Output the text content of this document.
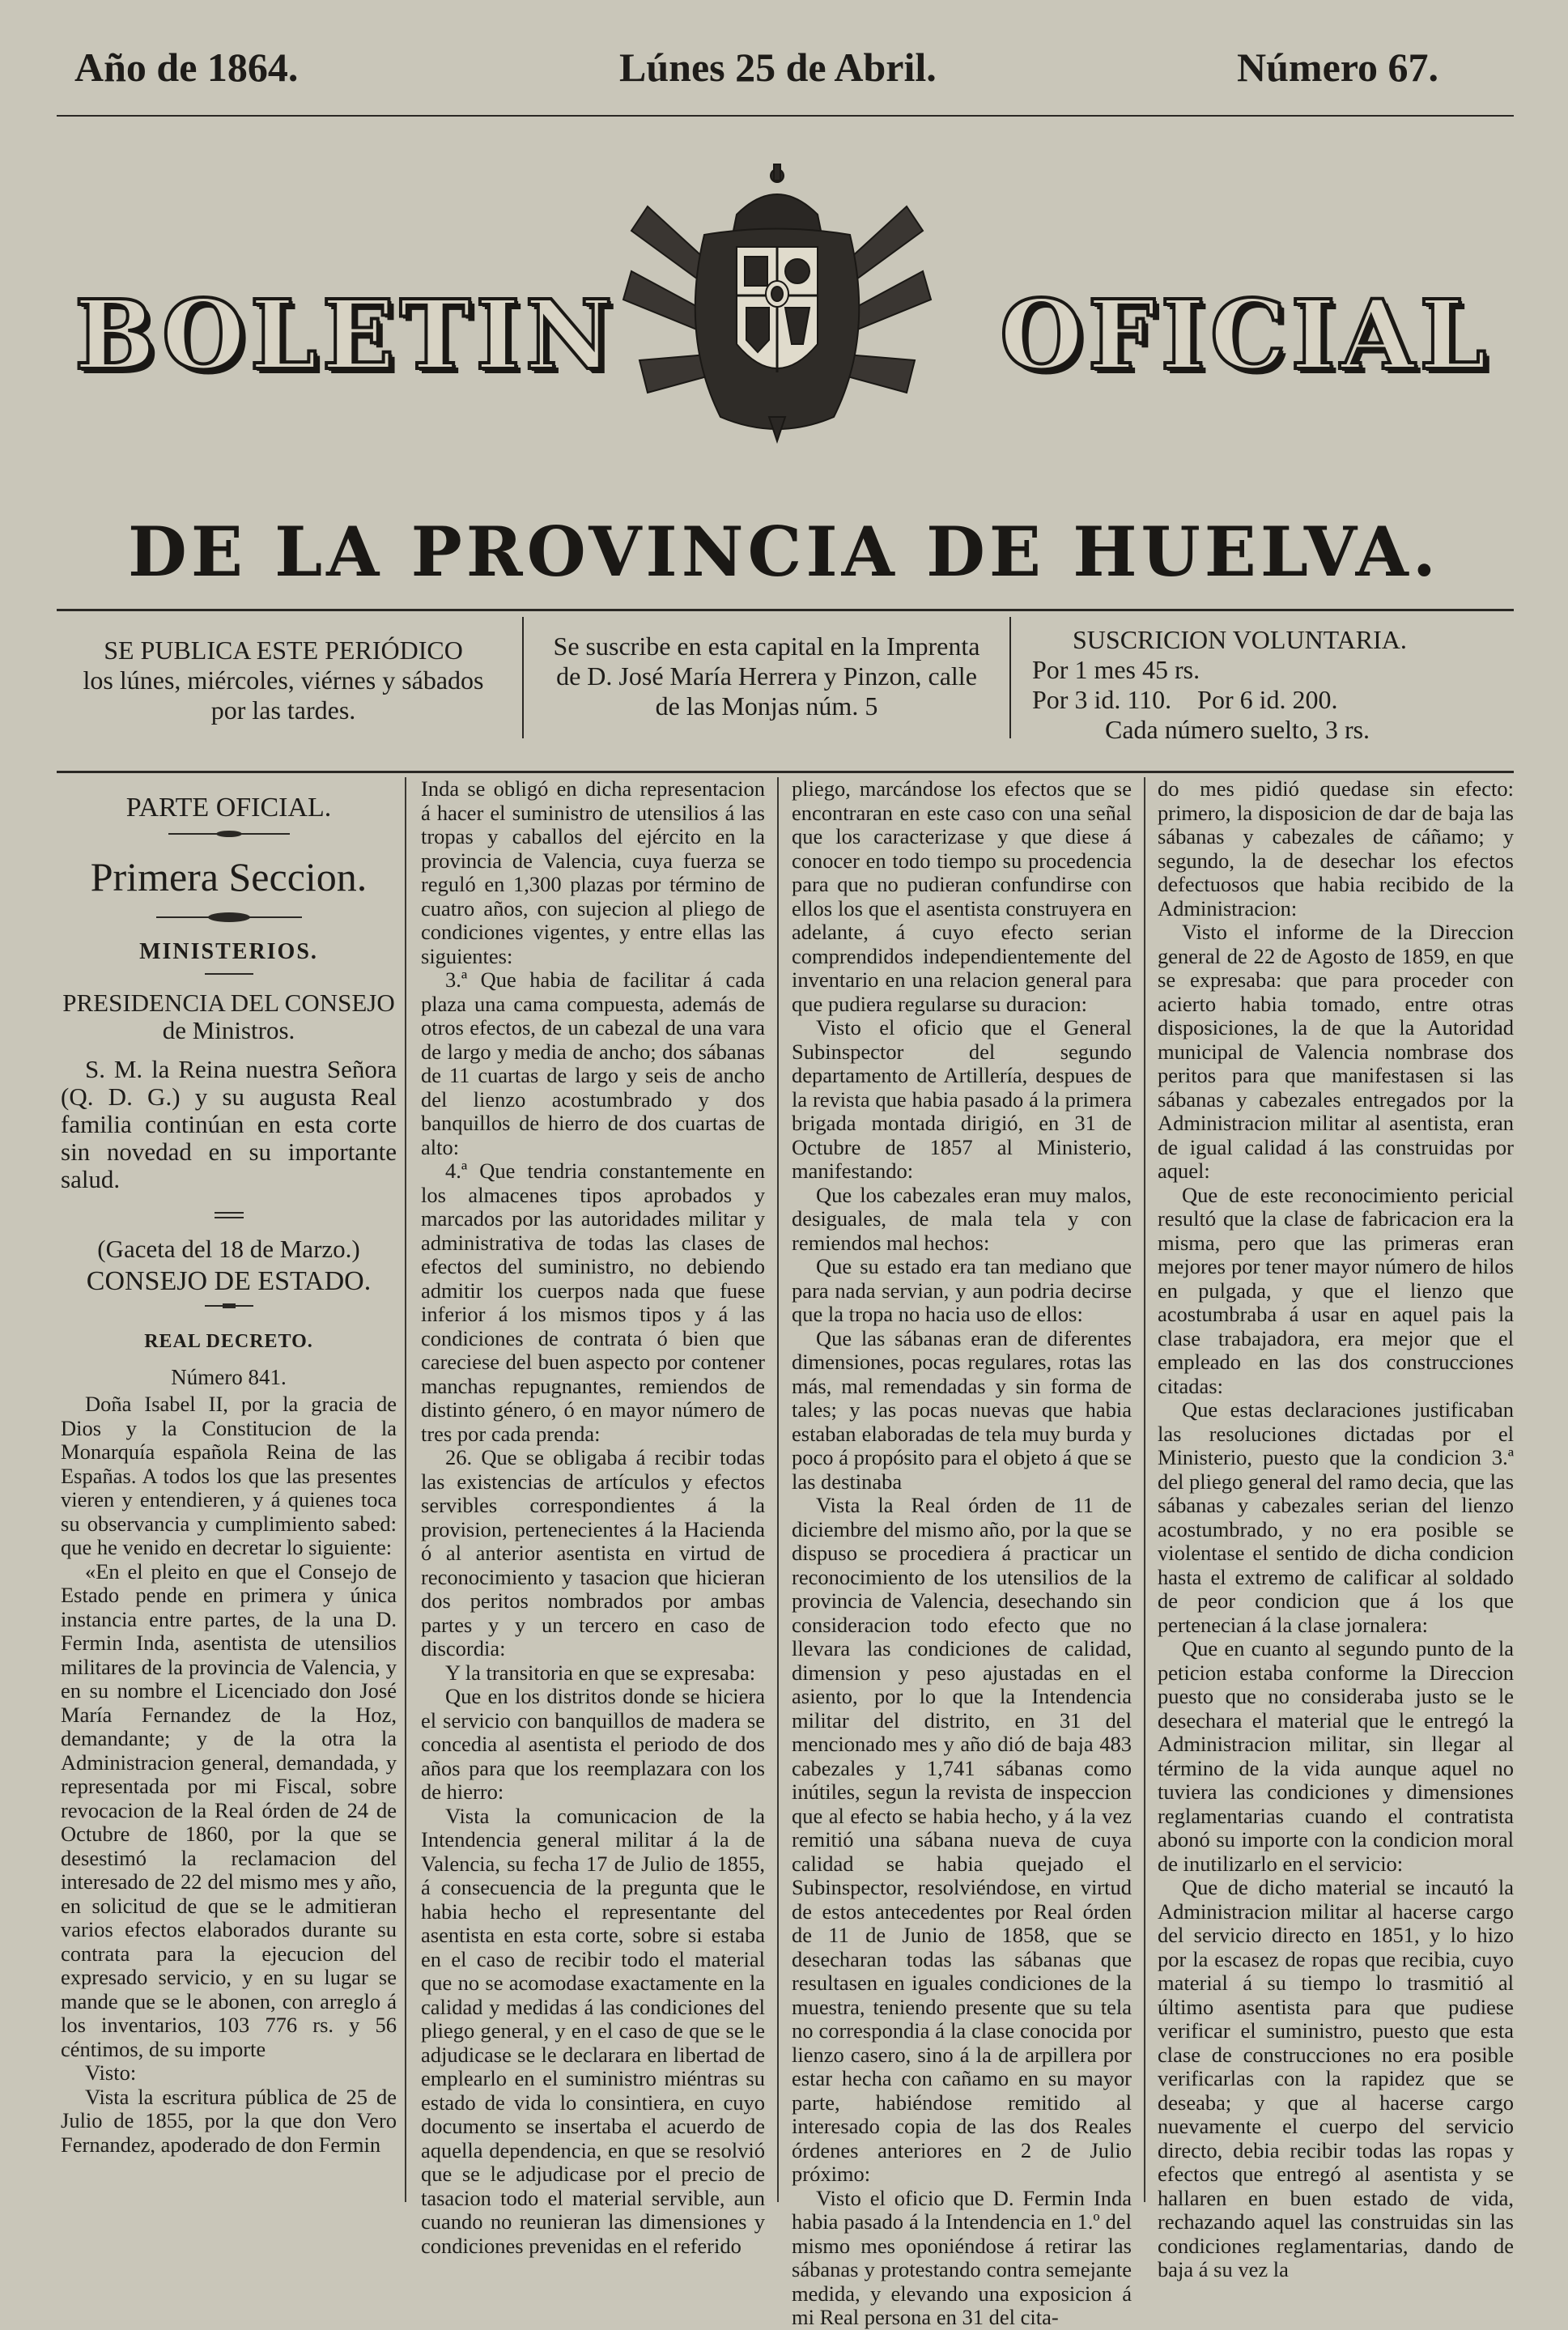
Año de 1864.	Lúnes 25 de Abril.	Número 67.
BOLETIN	OFICIAL
DE LA PROVINCIA DE HUELVA.
SE PUBLICA ESTE PERIÓDICO
los lúnes, miércoles, viérnes y sábados
por las tardes.
Se suscribe en esta capital en la Imprenta
de D. José María Herrera y Pinzon, calle
de las Monjas núm. 5
SUSCRICION VOLUNTARIA.
Por 1 mes 45 rs.
Por 3 id. 110.    Por 6 id. 200.
Cada número suelto, 3 rs.

PARTE OFICIAL.

Primera Seccion.

MINISTERIOS.

PRESIDENCIA DEL CONSEJO
de Ministros.

S. M. la Reina nuestra Señora (Q. D. G.) y su augusta Real familia continúan en esta corte sin novedad en su importante salud.

(Gaceta del 18 de Marzo.)

CONSEJO DE ESTADO.

REAL DECRETO.

Número 841.

Doña Isabel II, por la gracia de Dios y la Constitucion de la Monarquía española Reina de las Españas. A todos los que las presentes vieren y entendieren, y á quienes toca su observancia y cumplimiento sabed: que he venido en decretar lo siguiente:

«En el pleito en que el Consejo de Estado pende en primera y única instancia entre partes, de la una D. Fermin Inda, asentista de utensilios militares de la provincia de Valencia, y en su nombre el Licenciado don José María Fernandez de la Hoz, demandante; y de la otra la Administracion general, demandada, y representada por mi Fiscal, sobre revocacion de la Real órden de 24 de Octubre de 1860, por la que se desestimó la reclamacion del interesado de 22 del mismo mes y año, en solicitud de que se le admitieran varios efectos elaborados durante su contrata para la ejecucion del expresado servicio, y en su lugar se mande que se le abonen, con arreglo á los inventarios, 103 776 rs. y 56 céntimos, de su importe

Visto:

Vista la escritura pública de 25 de Julio de 1855, por la que don Vero Fernandez, apoderado de don Fermin

Inda se obligó en dicha representacion á hacer el suministro de utensilios á las tropas y caballos del ejército en la provincia de Valencia, cuya fuerza se reguló en 1,300 plazas por término de cuatro años, con sujecion al pliego de condiciones vigentes, y entre ellas las siguientes:

3.ª Que habia de facilitar á cada plaza una cama compuesta, además de otros efectos, de un cabezal de una vara de largo y media de ancho; dos sábanas de 11 cuartas de largo y seis de ancho del lienzo acostumbrado y dos banquillos de hierro de dos cuartas de alto:

4.ª Que tendria constantemente en los almacenes tipos aprobados y marcados por las autoridades militar y administrativa de todas las clases de efectos del suministro, no debiendo admitir los cuerpos nada que fuese inferior á los mismos tipos y á las condiciones de contrata ó bien que careciese del buen aspecto por contener manchas repugnantes, remiendos de distinto género, ó en mayor número de tres por cada prenda:

26. Que se obligaba á recibir todas las existencias de artículos y efectos servibles correspondientes á la provision, pertenecientes á la Hacienda ó al anterior asentista en virtud de reconocimiento y tasacion que hicieran dos peritos nombrados por ambas partes y y un tercero en caso de discordia:

Y la transitoria en que se expresaba:

Que en los distritos donde se hiciera el servicio con banquillos de madera se concedia al asentista el periodo de dos años para que los reemplazara con los de hierro:

Vista la comunicacion de la Intendencia general militar á la de Valencia, su fecha 17 de Julio de 1855, á consecuencia de la pregunta que le habia hecho el representante del asentista en esta corte, sobre si estaba en el caso de recibir todo el material que no se acomodase exactamente en la calidad y medidas á las condiciones del pliego general, y en el caso de que se le adjudicase se le declarara en libertad de emplearlo en el suministro miéntras su estado de vida lo consintiera, en cuyo documento se insertaba el acuerdo de aquella dependencia, en que se resolvió que se le adjudicase por el precio de tasacion todo el material servible, aun cuando no reunieran las dimensiones y condiciones prevenidas en el referido

pliego, marcándose los efectos que se encontraran en este caso con una señal que los caracterizase y que diese á conocer en todo tiempo su procedencia para que no pudieran confundirse con ellos los que el asentista construyera en adelante, á cuyo efecto serian comprendidos independientemente del inventario en una relacion general para que pudiera regularse su duracion:

Visto el oficio que el General Subinspector del segundo departamento de Artillería, despues de la revista que habia pasado á la primera brigada montada dirigió, en 31 de Octubre de 1857 al Ministerio, manifestando:

Que los cabezales eran muy malos, desiguales, de mala tela y con remiendos mal hechos:

Que su estado era tan mediano que para nada servian, y aun podria decirse que la tropa no hacia uso de ellos:

Que las sábanas eran de diferentes dimensiones, pocas regulares, rotas las más, mal remendadas y sin forma de tales; y las pocas nuevas que habia estaban elaboradas de tela muy burda y poco á propósito para el objeto á que se las destinaba

Vista la Real órden de 11 de diciembre del mismo año, por la que se dispuso se procediera á practicar un reconocimiento de los utensilios de la provincia de Valencia, desechando sin consideracion todo efecto que no llevara las condiciones de calidad, dimension y peso ajustadas en el asiento, por lo que la Intendencia militar del distrito, en 31 del mencionado mes y año dió de baja 483 cabezales y 1,741 sábanas como inútiles, segun la revista de inspeccion que al efecto se habia hecho, y á la vez remitió una sábana nueva de cuya calidad se habia quejado el Subinspector, resolviéndose, en virtud de estos antecedentes por Real órden de 11 de Junio de 1858, que se desecharan todas las sábanas que resultasen en iguales condiciones de la muestra, teniendo presente que su tela no correspondia á la clase conocida por lienzo casero, sino á la de arpillera por estar hecha con cañamo en su mayor parte, habiéndose remitido al interesado copia de las dos Reales órdenes anteriores en 2 de Julio próximo:

Visto el oficio que D. Fermin Inda habia pasado á la Intendencia en 1.º del mismo mes oponiéndose á retirar las sábanas y protestando contra semejante medida, y elevando una exposicion á mi Real persona en 31 del cita-

do mes pidió quedase sin efecto: primero, la disposicion de dar de baja las sábanas y cabezales de cáñamo; y segundo, la de desechar los efectos defectuosos que habia recibido de la Administracion:

Visto el informe de la Direccion general de 22 de Agosto de 1859, en que se expresaba: que para proceder con acierto habia tomado, entre otras disposiciones, la de que la Autoridad municipal de Valencia nombrase dos peritos para que manifestasen si las sábanas y cabezales entregados por la Administracion militar al asentista, eran de igual calidad á las construidas por aquel:

Que de este reconocimiento pericial resultó que la clase de fabricacion era la misma, pero que las primeras eran mejores por tener mayor número de hilos en pulgada, y que el lienzo que acostumbraba á usar en aquel pais la clase trabajadora, era mejor que el empleado en las dos construcciones citadas:

Que estas declaraciones justificaban las resoluciones dictadas por el Ministerio, puesto que la condicion 3.ª del pliego general del ramo decia, que las sábanas y cabezales serian del lienzo acostumbrado, y no era posible se violentase el sentido de dicha condicion hasta el extremo de calificar al soldado de peor condicion que á los que pertenecian á la clase jornalera:

Que en cuanto al segundo punto de la peticion estaba conforme la Direccion puesto que no consideraba justo se le desechara el material que le entregó la Administracion militar, sin llegar al término de la vida aunque aquel no tuviera las condiciones y dimensiones reglamentarias cuando el contratista abonó su importe con la condicion moral de inutilizarlo en el servicio:

Que de dicho material se incautó la Administracion militar al hacerse cargo del servicio directo en 1851, y lo hizo por la escasez de ropas que recibia, cuyo material á su tiempo lo trasmitió al último asentista para que pudiese verificar el suministro, puesto que esta clase de construcciones no era posible verificarlas con la rapidez que se deseaba; y que al hacerse cargo nuevamente el cuerpo del servicio directo, debia recibir todas las ropas y efectos que entregó al asentista y se hallaren en buen estado de vida, rechazando aquel las construidas sin las condiciones reglamentarias, dando de baja á su vez la
